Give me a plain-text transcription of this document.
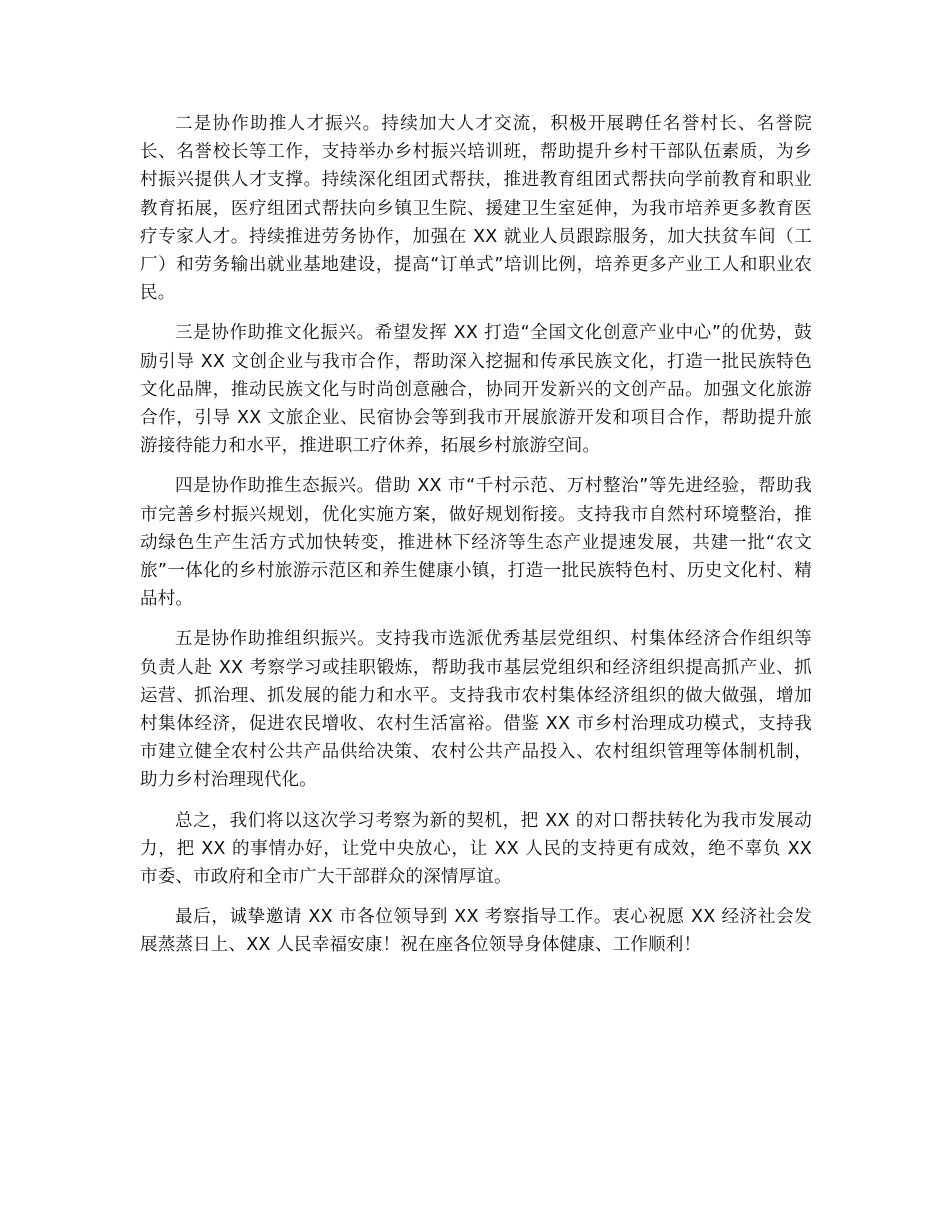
二是协作助推人才振兴。持续加大人才交流，积极开展聘任名誉村长、名誉院长、名誉校长等工作，支持举办乡村振兴培训班，帮助提升乡村干部队伍素质，为乡村振兴提供人才支撑。持续深化组团式帮扶，推进教育组团式帮扶向学前教育和职业教育拓展，医疗组团式帮扶向乡镇卫生院、援建卫生室延伸，为我市培养更多教育医疗专家人才。持续推进劳务协作，加强在 XX 就业人员跟踪服务，加大扶贫车间（工厂）和劳务输出就业基地建设，提高“订单式”培训比例，培养更多产业工人和职业农民。

三是协作助推文化振兴。希望发挥 XX 打造“全国文化创意产业中心”的优势，鼓励引导 XX 文创企业与我市合作，帮助深入挖掘和传承民族文化，打造一批民族特色文化品牌，推动民族文化与时尚创意融合，协同开发新兴的文创产品。加强文化旅游合作，引导 XX 文旅企业、民宿协会等到我市开展旅游开发和项目合作，帮助提升旅游接待能力和水平，推进职工疗休养，拓展乡村旅游空间。

四是协作助推生态振兴。借助 XX 市“千村示范、万村整治”等先进经验，帮助我市完善乡村振兴规划，优化实施方案，做好规划衔接。支持我市自然村环境整治，推动绿色生产生活方式加快转变，推进林下经济等生态产业提速发展，共建一批“农文旅”一体化的乡村旅游示范区和养生健康小镇，打造一批民族特色村、历史文化村、精品村。

五是协作助推组织振兴。支持我市选派优秀基层党组织、村集体经济合作组织等负责人赴 XX 考察学习或挂职锻炼，帮助我市基层党组织和经济组织提高抓产业、抓运营、抓治理、抓发展的能力和水平。支持我市农村集体经济组织的做大做强，增加村集体经济，促进农民增收、农村生活富裕。借鉴 XX 市乡村治理成功模式，支持我市建立健全农村公共产品供给决策、农村公共产品投入、农村组织管理等体制机制，助力乡村治理现代化。

总之，我们将以这次学习考察为新的契机，把 XX 的对口帮扶转化为我市发展动力，把 XX 的事情办好，让党中央放心，让 XX 人民的支持更有成效，绝不辜负 XX 市委、市政府和全市广大干部群众的深情厚谊。

最后，诚挚邀请 XX 市各位领导到 XX 考察指导工作。衷心祝愿 XX 经济社会发展蒸蒸日上、XX 人民幸福安康！祝在座各位领导身体健康、工作顺利！
